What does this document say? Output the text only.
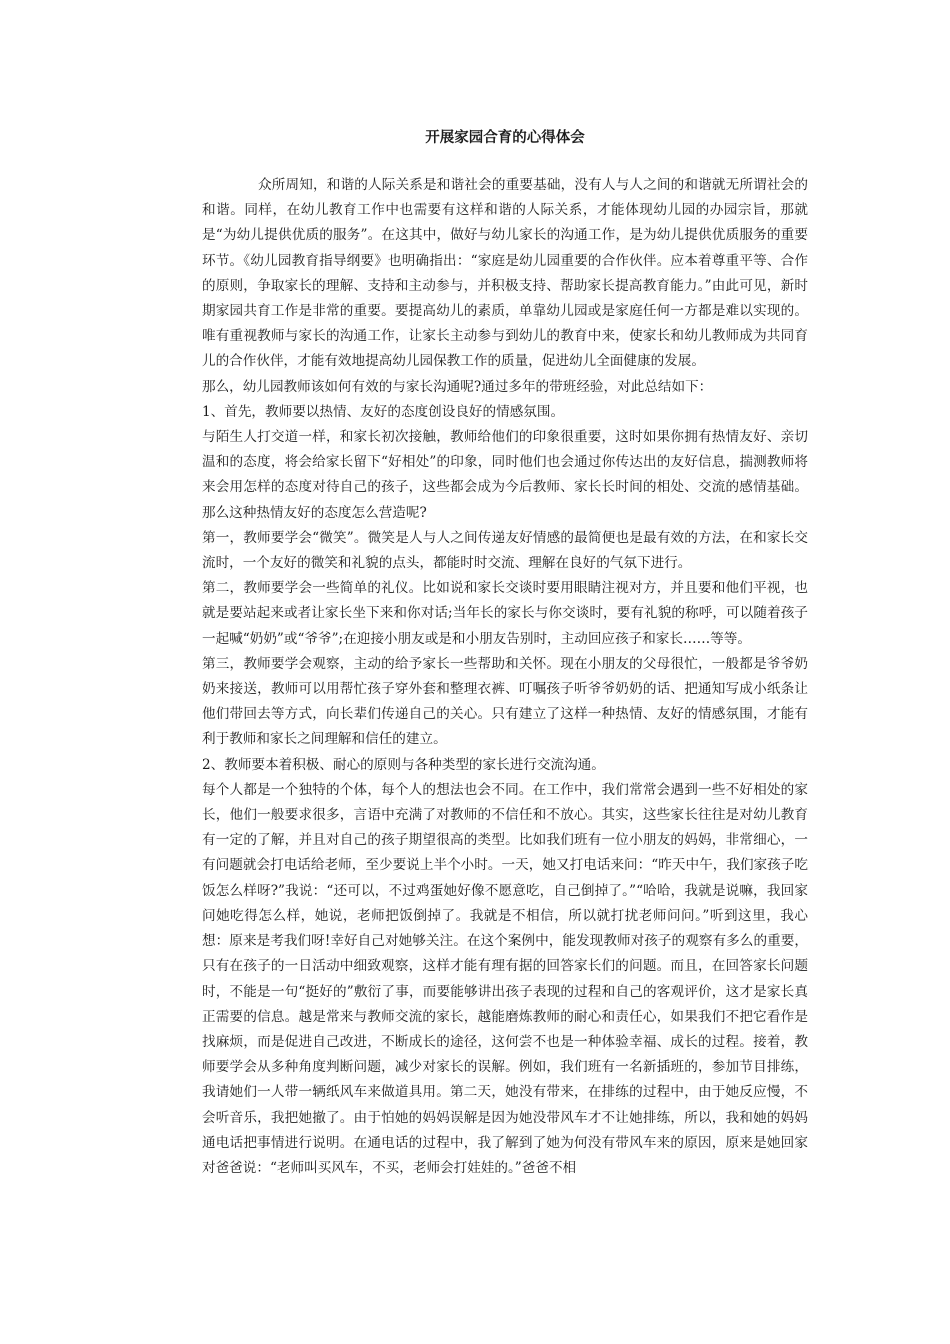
开展家园合育的心得体会

众所周知，和谐的人际关系是和谐社会的重要基础，没有人与人之间的和谐就无所谓社会的和谐。同样，在幼儿教育工作中也需要有这样和谐的人际关系，才能体现幼儿园的办园宗旨，那就是“为幼儿提供优质的服务”。在这其中，做好与幼儿家长的沟通工作，是为幼儿提供优质服务的重要环节。《幼儿园教育指导纲要》也明确指出：“家庭是幼儿园重要的合作伙伴。应本着尊重平等、合作的原则，争取家长的理解、支持和主动参与，并积极支持、帮助家长提高教育能力。”由此可见，新时期家园共育工作是非常的重要。要提高幼儿的素质，单靠幼儿园或是家庭任何一方都是难以实现的。唯有重视教师与家长的沟通工作，让家长主动参与到幼儿的教育中来，使家长和幼儿教师成为共同育儿的合作伙伴，才能有效地提高幼儿园保教工作的质量，促进幼儿全面健康的发展。

那么，幼儿园教师该如何有效的与家长沟通呢?通过多年的带班经验，对此总结如下：

1、首先，教师要以热情、友好的态度创设良好的情感氛围。

与陌生人打交道一样，和家长初次接触，教师给他们的印象很重要，这时如果你拥有热情友好、亲切温和的态度，将会给家长留下“好相处”的印象，同时他们也会通过你传达出的友好信息，揣测教师将来会用怎样的态度对待自己的孩子，这些都会成为今后教师、家长长时间的相处、交流的感情基础。那么这种热情友好的态度怎么营造呢?

第一，教师要学会“微笑”。微笑是人与人之间传递友好情感的最简便也是最有效的方法，在和家长交流时，一个友好的微笑和礼貌的点头，都能时时交流、理解在良好的气氛下进行。

第二，教师要学会一些简单的礼仪。比如说和家长交谈时要用眼睛注视对方，并且要和他们平视，也就是要站起来或者让家长坐下来和你对话;当年长的家长与你交谈时，要有礼貌的称呼，可以随着孩子一起喊“奶奶”或“爷爷”;在迎接小朋友或是和小朋友告别时，主动回应孩子和家长……等等。

第三，教师要学会观察，主动的给予家长一些帮助和关怀。现在小朋友的父母很忙，一般都是爷爷奶奶来接送，教师可以用帮忙孩子穿外套和整理衣裤、叮嘱孩子听爷爷奶奶的话、把通知写成小纸条让他们带回去等方式，向长辈们传递自己的关心。只有建立了这样一种热情、友好的情感氛围，才能有利于教师和家长之间理解和信任的建立。

2、教师要本着积极、耐心的原则与各种类型的家长进行交流沟通。

每个人都是一个独特的个体，每个人的想法也会不同。在工作中，我们常常会遇到一些不好相处的家长，他们一般要求很多，言语中充满了对教师的不信任和不放心。其实，这些家长往往是对幼儿教育有一定的了解，并且对自己的孩子期望很高的类型。比如我们班有一位小朋友的妈妈，非常细心，一有问题就会打电话给老师，至少要说上半个小时。一天，她又打电话来问：“昨天中午，我们家孩子吃饭怎么样呀?”我说：“还可以，不过鸡蛋她好像不愿意吃，自己倒掉了。”“哈哈，我就是说嘛，我回家问她吃得怎么样，她说，老师把饭倒掉了。我就是不相信，所以就打扰老师问问。”听到这里，我心想：原来是考我们呀!幸好自己对她够关注。在这个案例中，能发现教师对孩子的观察有多么的重要，只有在孩子的一日活动中细致观察，这样才能有理有据的回答家长们的问题。而且，在回答家长问题时，不能是一句“挺好的”敷衍了事，而要能够讲出孩子表现的过程和自己的客观评价，这才是家长真正需要的信息。越是常来与教师交流的家长，越能磨炼教师的耐心和责任心，如果我们不把它看作是找麻烦，而是促进自己改进，不断成长的途径，这何尝不也是一种体验幸福、成长的过程。接着，教师要学会从多种角度判断问题，减少对家长的误解。例如，我们班有一名新插班的，参加节目排练，我请她们一人带一辆纸风车来做道具用。第二天，她没有带来，在排练的过程中，由于她反应慢，不会听音乐，我把她撤了。由于怕她的妈妈误解是因为她没带风车才不让她排练，所以，我和她的妈妈通电话把事情进行说明。在通电话的过程中，我了解到了她为何没有带风车来的原因，原来是她回家对爸爸说：“老师叫买风车，不买，老师会打娃娃的。”爸爸不相
